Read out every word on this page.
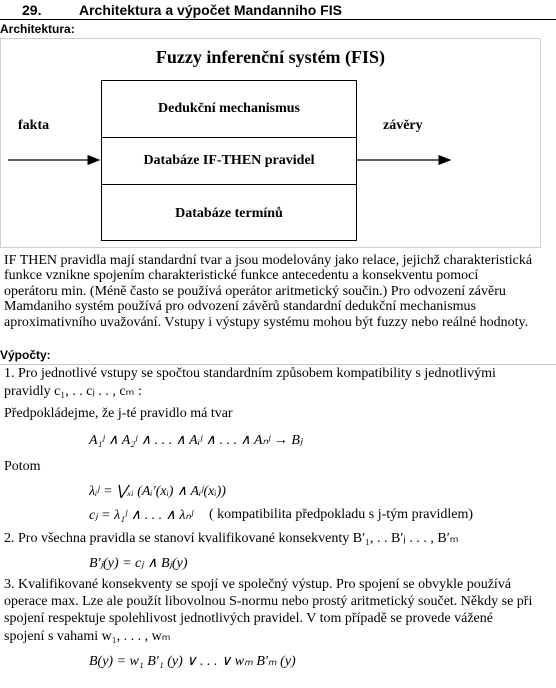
29.	Architektura a výpočet Mandanniho FIS
Architektura:
Fuzzy inferenční systém (FIS)
Dedukční mechanismus
Databáze IF-THEN pravidel
Databáze termínů
fakta	závěry
IF THEN pravidla mají standardní tvar a jsou modelovány jako relace, jejichž charakteristická
funkce vznikne spojením charakteristické funkce antecedentu a konsekventu pomocí
operátoru min. (Méně často se používá operátor aritmetický součin.) Pro odvození závěru
Mamdaniho systém používá pro odvození závěrů standardní dedukční mechanismus
aproximativního uvažování. Vstupy i výstupy systému mohou být fuzzy nebo reálné hodnoty.
Výpočty:
1. Pro jednotlivé vstupy se spočtou standardním způsobem kompatibility s jednotlivými
pravidly c₁, . . cⱼ . . , cₘ :
Předpokládejme, že j-té pravidlo má tvar
A₁ʲ ∧ A₂ʲ ∧ . . . ∧ Aᵢʲ ∧ . . . ∧ Aₙʲ → Bⱼ
Potom
λᵢʲ = ⋁ₓᵢ (Aᵢ′(xᵢ) ∧ Aᵢʲ(xᵢ))
cⱼ = λ₁ʲ ∧ . . . ∧ λₙʲ ( kompatibilita předpokladu s j-tým pravidlem)
2. Pro všechna pravidla se stanoví kvalifikované konsekventy B′₁, . . B′ⱼ . . . , B′ₘ
B′ⱼ(y) = cⱼ ∧ Bⱼ(y)
3. Kvalifikované konsekventy se spojí ve společný výstup. Pro spojení se obvykle používá
operace max. Lze ale použít libovolnou S-normu nebo prostý aritmetický součet. Někdy se při
spojení respektuje spolehlivost jednotlivých pravidel. V tom případě se provede vážené
spojení s vahami w₁, . . . , wₘ
B(y) = w₁ B′₁ (y) ∨ . . . ∨ wₘ B′ₘ (y)
